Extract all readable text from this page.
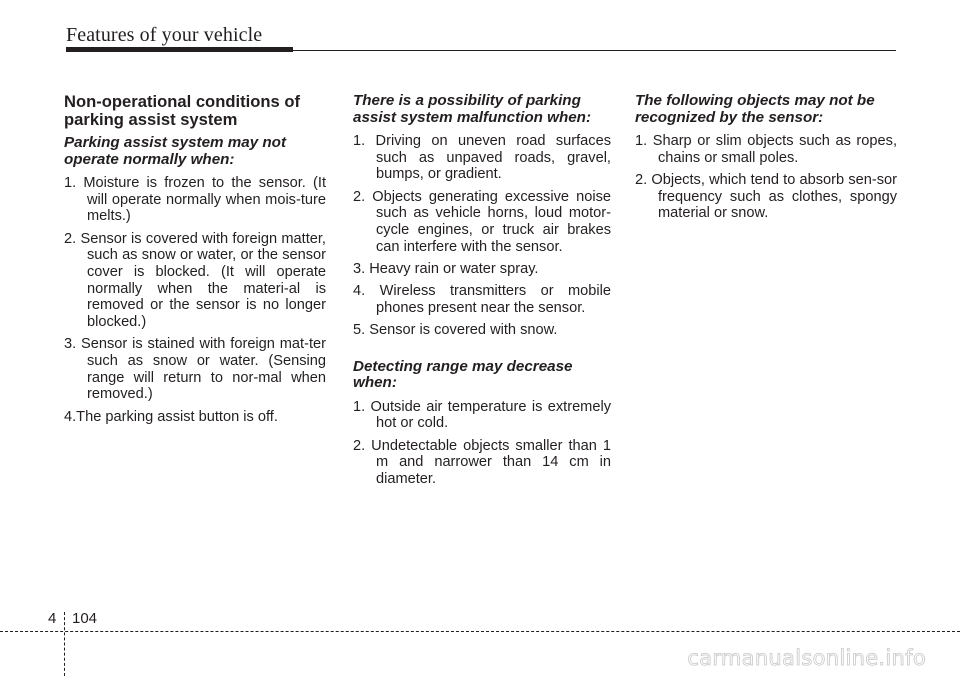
Features of your vehicle
Non-operational conditions of parking assist system
Parking assist system may not operate normally when:
1. Moisture is frozen to the sensor. (It will operate normally when mois-ture melts.)
2. Sensor is covered with foreign matter, such as snow or water, or the sensor cover is blocked. (It will operate normally when the materi-al is removed or the sensor is no longer blocked.)
3. Sensor is stained with foreign mat-ter such as snow or water. (Sensing range will return to nor-mal when removed.)
4.The parking assist button is off.
There is a possibility of parking assist system malfunction when:
1. Driving on uneven road surfaces such as unpaved roads, gravel, bumps, or gradient.
2. Objects generating excessive noise such as vehicle horns, loud motor-cycle engines, or truck air brakes can interfere with the sensor.
3. Heavy rain or water spray.
4. Wireless transmitters or mobile phones present near the sensor.
5. Sensor is covered with snow.
Detecting range may decrease when:
1. Outside air temperature is extremely hot or cold.
2. Undetectable objects smaller than 1 m and narrower than 14 cm in diameter.
The following objects may not be recognized by the sensor:
1. Sharp or slim objects such as ropes, chains or small poles.
2. Objects, which tend to absorb sen-sor frequency such as clothes, spongy material or snow.
4 104
carmanualsonline.info
